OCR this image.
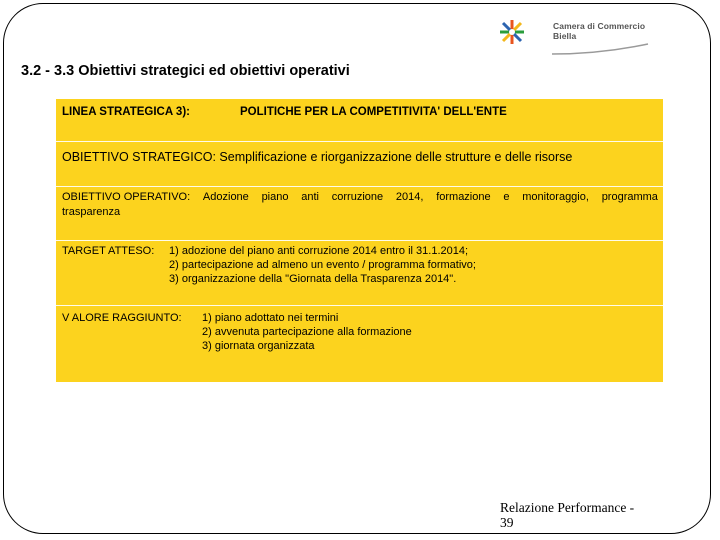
Camera di Commercio
Biella
3.2 - 3.3 Obiettivi strategici ed obiettivi operativi
LINEA STRATEGICA 3):	POLITICHE PER LA COMPETITIVITA' DELL'ENTE
OBIETTIVO STRATEGICO: Semplificazione e riorganizzazione delle strutture e delle risorse
OBIETTIVO OPERATIVO: Adozione piano anti corruzione 2014, formazione e monitoraggio, programma
trasparenza
TARGET ATTESO: 1) adozione del piano anti corruzione 2014 entro il 31.1.2014;
2) partecipazione ad almeno un evento / programma formativo;
3) organizzazione della "Giornata della Trasparenza 2014".
V ALORE RAGGIUNTO: 1) piano adottato nei termini
2) avvenuta partecipazione alla formazione
3) giornata organizzata
Relazione Performance - 39
